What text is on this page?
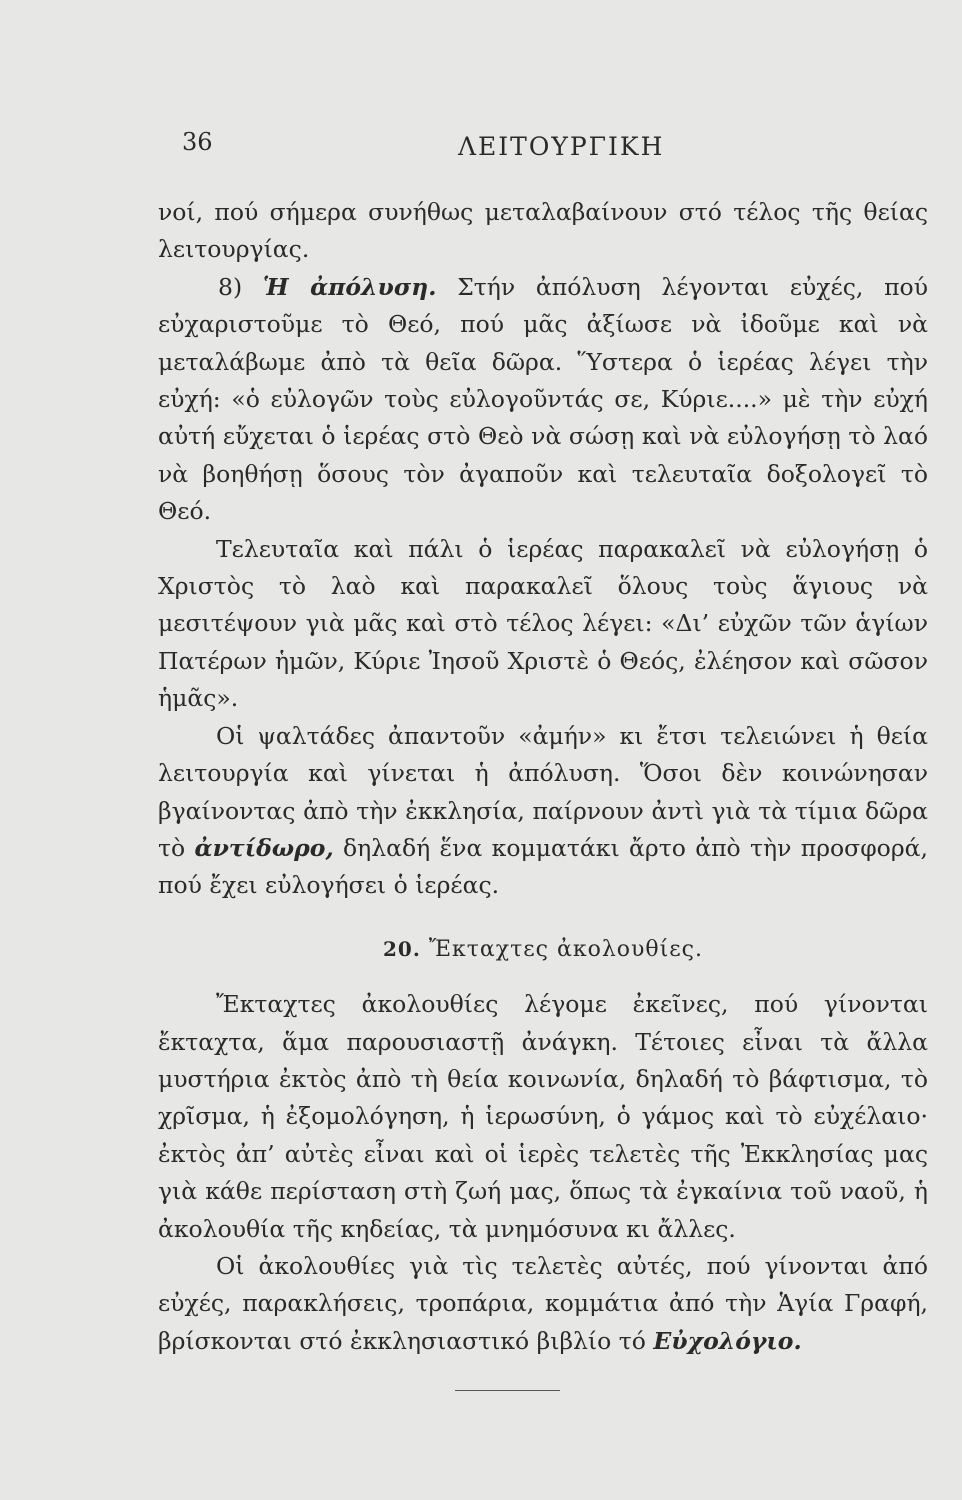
36	ΛΕΙΤΟΥΡΓΙΚΗ

νοί, πού σήμερα συνήθως μεταλαβαίνουν στό τέλος τῆς θείας λειτουργίας.

8) Ἡ ἀπόλυση. Στήν ἀπόλυση λέγονται εὐχές, πού εὐχαριστοῦμε τὸ Θεό, πού μᾶς ἀξίωσε νὰ ἰδοῦμε καὶ νὰ μεταλάβωμε ἀπὸ τὰ θεῖα δῶρα. Ὕστερα ὁ ἱερέας λέγει τὴν εὐχή: «ὁ εὐλογῶν τοὺς εὐλογοῦντάς σε, Κύριε....» μὲ τὴν εὐχή αὐτή εὔχεται ὁ ἱερέας στὸ Θεὸ νὰ σώσῃ καὶ νὰ εὐλογήσῃ τὸ λαό νὰ βοηθήσῃ ὅσους τὸν ἀγαποῦν καὶ τελευταῖα δοξολογεῖ τὸ Θεό.

Τελευταῖα καὶ πάλι ὁ ἱερέας παρακαλεῖ νὰ εὐλογήσῃ ὁ Χριστὸς τὸ λαὸ καὶ παρακαλεῖ ὅλους τοὺς ἅγιους νὰ μεσιτέψουν γιὰ μᾶς καὶ στὸ τέλος λέγει: «Δι’ εὐχῶν τῶν ἁγίων Πατέρων ἡμῶν, Κύριε Ἰησοῦ Χριστὲ ὁ Θεός, ἐλέησον καὶ σῶσον ἡμᾶς».

Οἱ ψαλτάδες ἀπαντοῦν «ἀμήν» κι ἔτσι τελειώνει ἡ θεία λειτουργία καὶ γίνεται ἡ ἀπόλυση. Ὅσοι δὲν κοινώνησαν βγαίνοντας ἀπὸ τὴν ἐκκλησία, παίρνουν ἀντὶ γιὰ τὰ τίμια δῶρα τὸ ἀντίδωρο, δηλαδή ἕνα κομματάκι ἄρτο ἀπὸ τὴν προσφορά, πού ἔχει εὐλογήσει ὁ ἱερέας.

20. Ἔκταχτες ἀκολουθίες.

Ἔκταχτες ἀκολουθίες λέγομε ἐκεῖνες, πού γίνονται ἔκταχτα, ἅμα παρουσιαστῇ ἀνάγκη. Τέτοιες εἶναι τὰ ἄλλα μυστήρια ἐκτὸς ἀπὸ τὴ θεία κοινωνία, δηλαδή τὸ βάφτισμα, τὸ χρῖσμα, ἡ ἐξομολόγηση, ἡ ἱερωσύνη, ὁ γάμος καὶ τὸ εὐχέλαιο· ἐκτὸς ἀπ’ αὐτὲς εἶναι καὶ οἱ ἱερὲς τελετὲς τῆς Ἐκκλησίας μας γιὰ κάθε περίσταση στὴ ζωή μας, ὅπως τὰ ἐγκαίνια τοῦ ναοῦ, ἡ ἀκολουθία τῆς κηδείας, τὰ μνημόσυνα κι ἄλλες.

Οἱ ἀκολουθίες γιὰ τὶς τελετὲς αὐτές, πού γίνονται ἀπό εὐχές, παρακλήσεις, τροπάρια, κομμάτια ἀπό τὴν Ἁγία Γραφή, βρίσκονται στό ἐκκλησιαστικό βιβλίο τό Εὐχολόγιο.
